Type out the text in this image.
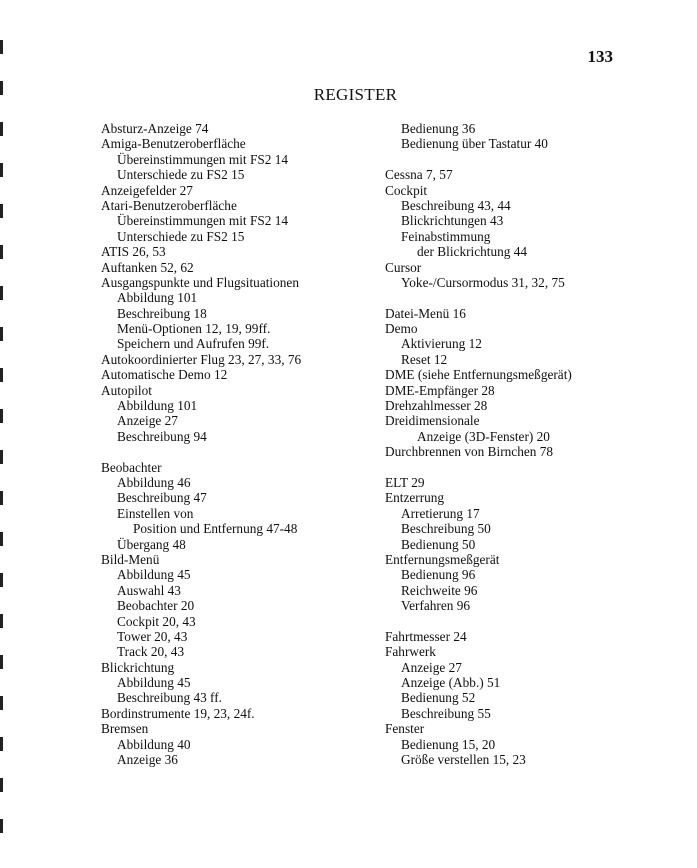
133
REGISTER
Absturz-Anzeige 74
Amiga-Benutzeroberfläche
Übereinstimmungen mit FS2 14
Unterschiede zu FS2 15
Anzeigefelder 27
Atari-Benutzeroberfläche
Übereinstimmungen mit FS2 14
Unterschiede zu FS2 15
ATIS 26, 53
Auftanken 52, 62
Ausgangspunkte und Flugsituationen
Abbildung 101
Beschreibung 18
Menü-Optionen 12, 19, 99ff.
Speichern und Aufrufen 99f.
Autokoordinierter Flug 23, 27, 33, 76
Automatische Demo 12
Autopilot
Abbildung 101
Anzeige 27
Beschreibung 94
Beobachter
Abbildung 46
Beschreibung 47
Einstellen von
Position und Entfernung 47-48
Übergang 48
Bild-Menü
Abbildung 45
Auswahl 43
Beobachter 20
Cockpit 20, 43
Tower 20, 43
Track 20, 43
Blickrichtung
Abbildung 45
Beschreibung 43 ff.
Bordinstrumente 19, 23, 24f.
Bremsen
Abbildung 40
Anzeige 36
Bedienung 36
Bedienung über Tastatur 40
Cessna 7, 57
Cockpit
Beschreibung 43, 44
Blickrichtungen 43
Feinabstimmung
der Blickrichtung 44
Cursor
Yoke-/Cursormodus 31, 32, 75
Datei-Menü 16
Demo
Aktivierung 12
Reset 12
DME (siehe Entfernungsmeßgerät)
DME-Empfänger 28
Drehzahlmesser 28
Dreidimensionale
Anzeige (3D-Fenster) 20
Durchbrennen von Birnchen 78
ELT 29
Entzerrung
Arretierung 17
Beschreibung 50
Bedienung 50
Entfernungsmeßgerät
Bedienung 96
Reichweite 96
Verfahren 96
Fahrtmesser 24
Fahrwerk
Anzeige 27
Anzeige (Abb.) 51
Bedienung 52
Beschreibung 55
Fenster
Bedienung 15, 20
Größe verstellen 15, 23
